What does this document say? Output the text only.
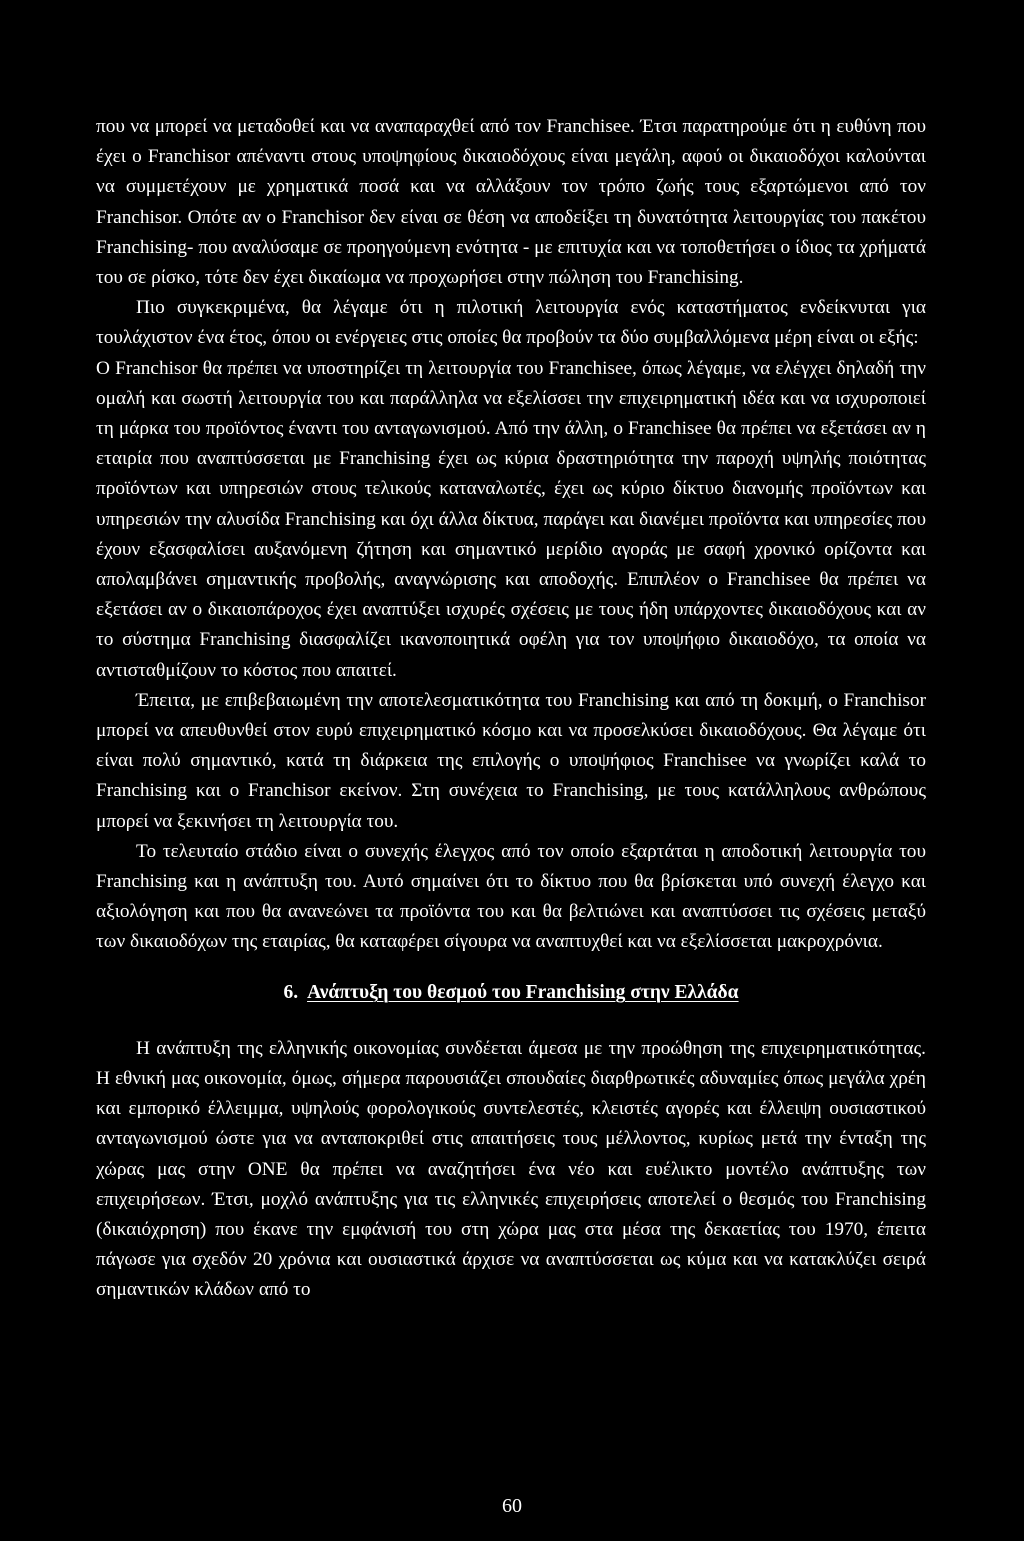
που να μπορεί να μεταδοθεί και να αναπαραχθεί από τον Franchisee. Έτσι παρατηρούμε ότι η ευθύνη που έχει ο Franchisor απέναντι στους υποψηφίους δικαιοδόχους είναι μεγάλη, αφού οι δικαιοδόχοι καλούνται να συμμετέχουν με χρηματικά ποσά και να αλλάξουν τον τρόπο ζωής τους εξαρτώμενοι από τον Franchisor. Οπότε αν ο Franchisor δεν είναι σε θέση να αποδείξει τη δυνατότητα λειτουργίας του πακέτου Franchising- που αναλύσαμε σε προηγούμενη ενότητα - με επιτυχία και να τοποθετήσει ο ίδιος τα χρήματά του σε ρίσκο, τότε δεν έχει δικαίωμα να προχωρήσει στην πώληση του Franchising.

Πιο συγκεκριμένα, θα λέγαμε ότι η πιλοτική λειτουργία ενός καταστήματος ενδείκνυται για τουλάχιστον ένα έτος, όπου οι ενέργειες στις οποίες θα προβούν τα δύο συμβαλλόμενα μέρη είναι οι εξής:

Ο Franchisor θα πρέπει να υποστηρίζει τη λειτουργία του Franchisee, όπως λέγαμε, να ελέγχει δηλαδή την ομαλή και σωστή λειτουργία του και παράλληλα να εξελίσσει την επιχειρηματική ιδέα και να ισχυροποιεί τη μάρκα του προϊόντος έναντι του ανταγωνισμού. Από την άλλη, ο Franchisee θα πρέπει να εξετάσει αν η εταιρία που αναπτύσσεται με Franchising έχει ως κύρια δραστηριότητα την παροχή υψηλής ποιότητας προϊόντων και υπηρεσιών στους τελικούς καταναλωτές, έχει ως κύριο δίκτυο διανομής προϊόντων και υπηρεσιών την αλυσίδα Franchising και όχι άλλα δίκτυα, παράγει και διανέμει προϊόντα και υπηρεσίες που έχουν εξασφαλίσει αυξανόμενη ζήτηση και σημαντικό μερίδιο αγοράς με σαφή χρονικό ορίζοντα και απολαμβάνει σημαντικής προβολής, αναγνώρισης και αποδοχής. Επιπλέον ο Franchisee θα πρέπει να εξετάσει αν ο δικαιοπάροχος έχει αναπτύξει ισχυρές σχέσεις με τους ήδη υπάρχοντες δικαιοδόχους και αν το σύστημα Franchising διασφαλίζει ικανοποιητικά οφέλη για τον υποψήφιο δικαιοδόχο, τα οποία να αντισταθμίζουν το κόστος που απαιτεί.

Έπειτα, με επιβεβαιωμένη την αποτελεσματικότητα του Franchising και από τη δοκιμή, ο Franchisor μπορεί να απευθυνθεί στον ευρύ επιχειρηματικό κόσμο και να προσελκύσει δικαιοδόχους. Θα λέγαμε ότι είναι πολύ σημαντικό, κατά τη διάρκεια της επιλογής ο υποψήφιος Franchisee να γνωρίζει καλά το Franchising και ο Franchisor εκείνον. Στη συνέχεια το Franchising, με τους κατάλληλους ανθρώπους μπορεί να ξεκινήσει τη λειτουργία του.

Το τελευταίο στάδιο είναι ο συνεχής έλεγχος από τον οποίο εξαρτάται η αποδοτική λειτουργία του Franchising και η ανάπτυξη του. Αυτό σημαίνει ότι το δίκτυο που θα βρίσκεται υπό συνεχή έλεγχο και αξιολόγηση και που θα ανανεώνει τα προϊόντα του και θα βελτιώνει και αναπτύσσει τις σχέσεις μεταξύ των δικαιοδόχων της εταιρίας, θα καταφέρει σίγουρα να αναπτυχθεί και να εξελίσσεται μακροχρόνια.

6. Ανάπτυξη του θεσμού του Franchising στην Ελλάδα

Η ανάπτυξη της ελληνικής οικονομίας συνδέεται άμεσα με την προώθηση της επιχειρηματικότητας. Η εθνική μας οικονομία, όμως, σήμερα παρουσιάζει σπουδαίες διαρθρωτικές αδυναμίες όπως μεγάλα χρέη και εμπορικό έλλειμμα, υψηλούς φορολογικούς συντελεστές, κλειστές αγορές και έλλειψη ουσιαστικού ανταγωνισμού ώστε για να ανταποκριθεί στις απαιτήσεις τους μέλλοντος, κυρίως μετά την ένταξη της χώρας μας στην ΟΝΕ θα πρέπει να αναζητήσει ένα νέο και ευέλικτο μοντέλο ανάπτυξης των επιχειρήσεων. Έτσι, μοχλό ανάπτυξης για τις ελληνικές επιχειρήσεις αποτελεί ο θεσμός του Franchising (δικαιόχρηση) που έκανε την εμφάνισή του στη χώρα μας στα μέσα της δεκαετίας του 1970, έπειτα πάγωσε για σχεδόν 20 χρόνια και ουσιαστικά άρχισε να αναπτύσσεται ως κύμα και να κατακλύζει σειρά σημαντικών κλάδων από το

60
